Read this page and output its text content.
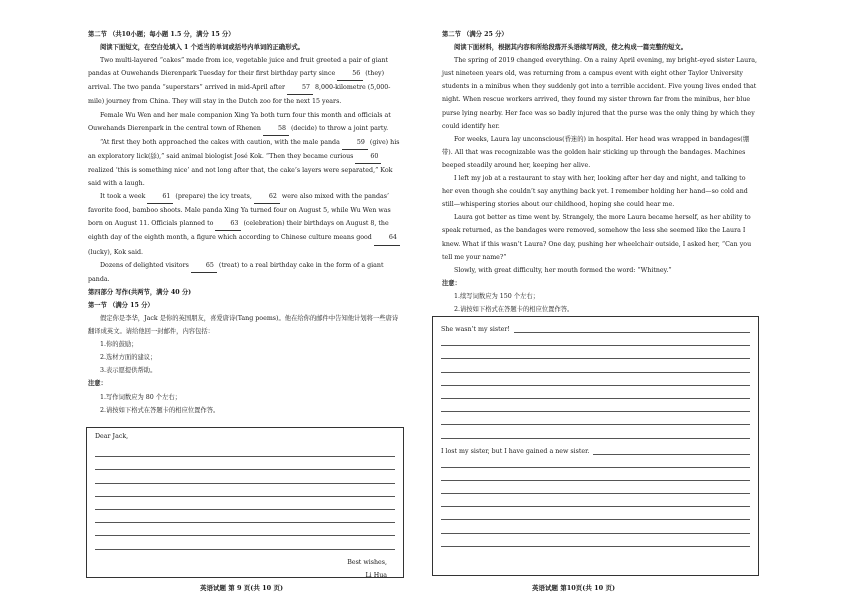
第二节 （共10小题；每小题 1.5 分，满分 15 分）

阅读下面短文，在空白处填入 1 个适当的单词或括号内单词的正确形式。

Two multi-layered “cakes” made from ice, vegetable juice and fruit greeted a pair of giant pandas at Ouwehands Dierenpark Tuesday for their first birthday party since	56 (they) arrival. The two panda “superstars” arrived in mid-April after	57 8,000-kilometre (5,000-mile) journey from China. They will stay in the Dutch zoo for the next 15 years.

Female Wu Wen and her male companion Xing Ya both turn four this month and officials at Ouwehands Dierenpark in the central town of Rhenen	58 (decide) to throw a joint party.

“At first they both approached the cakes with caution, with the male panda	59 (give) his an exploratory lick(舔),” said animal biologist José Kok. “Then they became curious	60 realized ‘this is something nice’ and not long after that, the cake’s layers were separated,” Kok said with a laugh.

It took a week	61 (prepare) the icy treats,	62 were also mixed with the pandas’ favorite food, bamboo shoots. Male panda Xing Ya turned four on August 5, while Wu Wen was born on August 11. Officials planned to	63 (celebration) their birthdays on August 8, the eighth day of the eighth month, a figure which according to Chinese culture means good	64 (lucky), Kok said.

Dozens of delighted visitors	65 (treat) to a real birthday cake in the form of a giant panda.

第四部分 写作(共两节，满分 40 分)

第一节 （满分 15 分）

假定你是李华，Jack 是你的英国朋友，喜爱唐诗(Tang poems)。他在给你的邮件中告知他计划将一些唐诗翻译成英文。请给他回一封邮件，内容包括：

1.你的鼓励；

2.选材方面的建议；

3.表示愿提供帮助。

注意：

1.写作词数应为 80 个左右；

2.请按如下格式在答题卡的相应位置作答。

Dear Jack,
Best wishes,
Li Hua
英语试题 第 9 页(共 10 页)

第二节 （满分 25 分）

阅读下面材料，根据其内容和所给段落开头语续写两段，使之构成一篇完整的短文。

The spring of 2019 changed everything. On a rainy April evening, my bright-eyed sister Laura, just nineteen years old, was returning from a campus event with eight other Taylor University students in a minibus when they suddenly got into a terrible accident. Five young lives ended that night. When rescue workers arrived, they found my sister thrown far from the minibus, her blue purse lying nearby. Her face was so badly injured that the purse was the only thing by which they could identify her.

For weeks, Laura lay unconscious(昏迷的) in hospital. Her head was wrapped in bandages(绷带). All that was recognizable was the golden hair sticking up through the bandages. Machines beeped steadily around her, keeping her alive.

I left my job at a restaurant to stay with her, looking after her day and night, and talking to her even though she couldn’t say anything back yet. I remember holding her hand—so cold and still—whispering stories about our childhood, hoping she could hear me.

Laura got better as time went by. Strangely, the more Laura became herself, as her ability to speak returned, as the bandages were removed, somehow the less she seemed like the Laura I knew. What if this wasn’t Laura? One day, pushing her wheelchair outside, I asked her, “Can you tell me your name?”

Slowly, with great difficulty, her mouth formed the word: “Whitney.”

注意：

1.续写词数应为 150 个左右；

2.请按如下格式在答题卡的相应位置作答。

She wasn’t my sister!
I lost my sister, but I have gained a new sister.
英语试题 第10页(共 10 页)
